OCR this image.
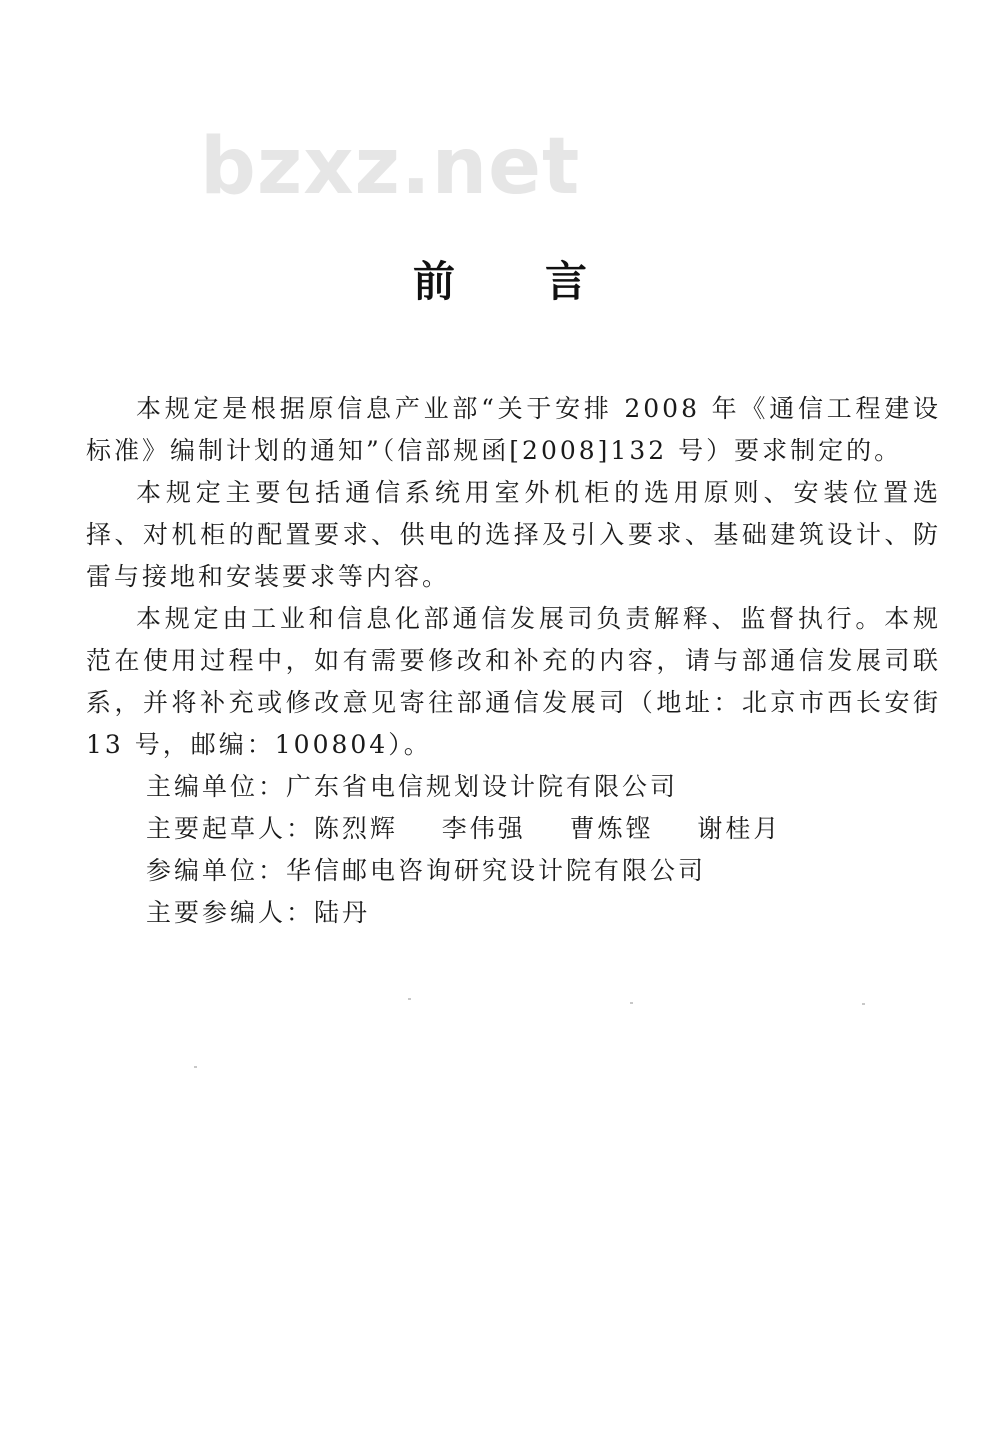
bzxz.net
前言

本规定是根据原信息产业部“关于安排 2008 年《通信工程建设标准》编制计划的通知”（信部规函[2008]132 号）要求制定的。

本规定主要包括通信系统用室外机柜的选用原则、安装位置选择、对机柜的配置要求、供电的选择及引入要求、基础建筑设计、防雷与接地和安装要求等内容。

本规定由工业和信息化部通信发展司负责解释、监督执行。本规范在使用过程中，如有需要修改和补充的内容，请与部通信发展司联系，并将补充或修改意见寄往部通信发展司（地址：北京市西长安街 13 号，邮编：100804）。

主编单位：广东省电信规划设计院有限公司

主要起草人：陈烈辉    李伟强    曹炼铿    谢桂月

参编单位：华信邮电咨询研究设计院有限公司

主要参编人：陆丹
